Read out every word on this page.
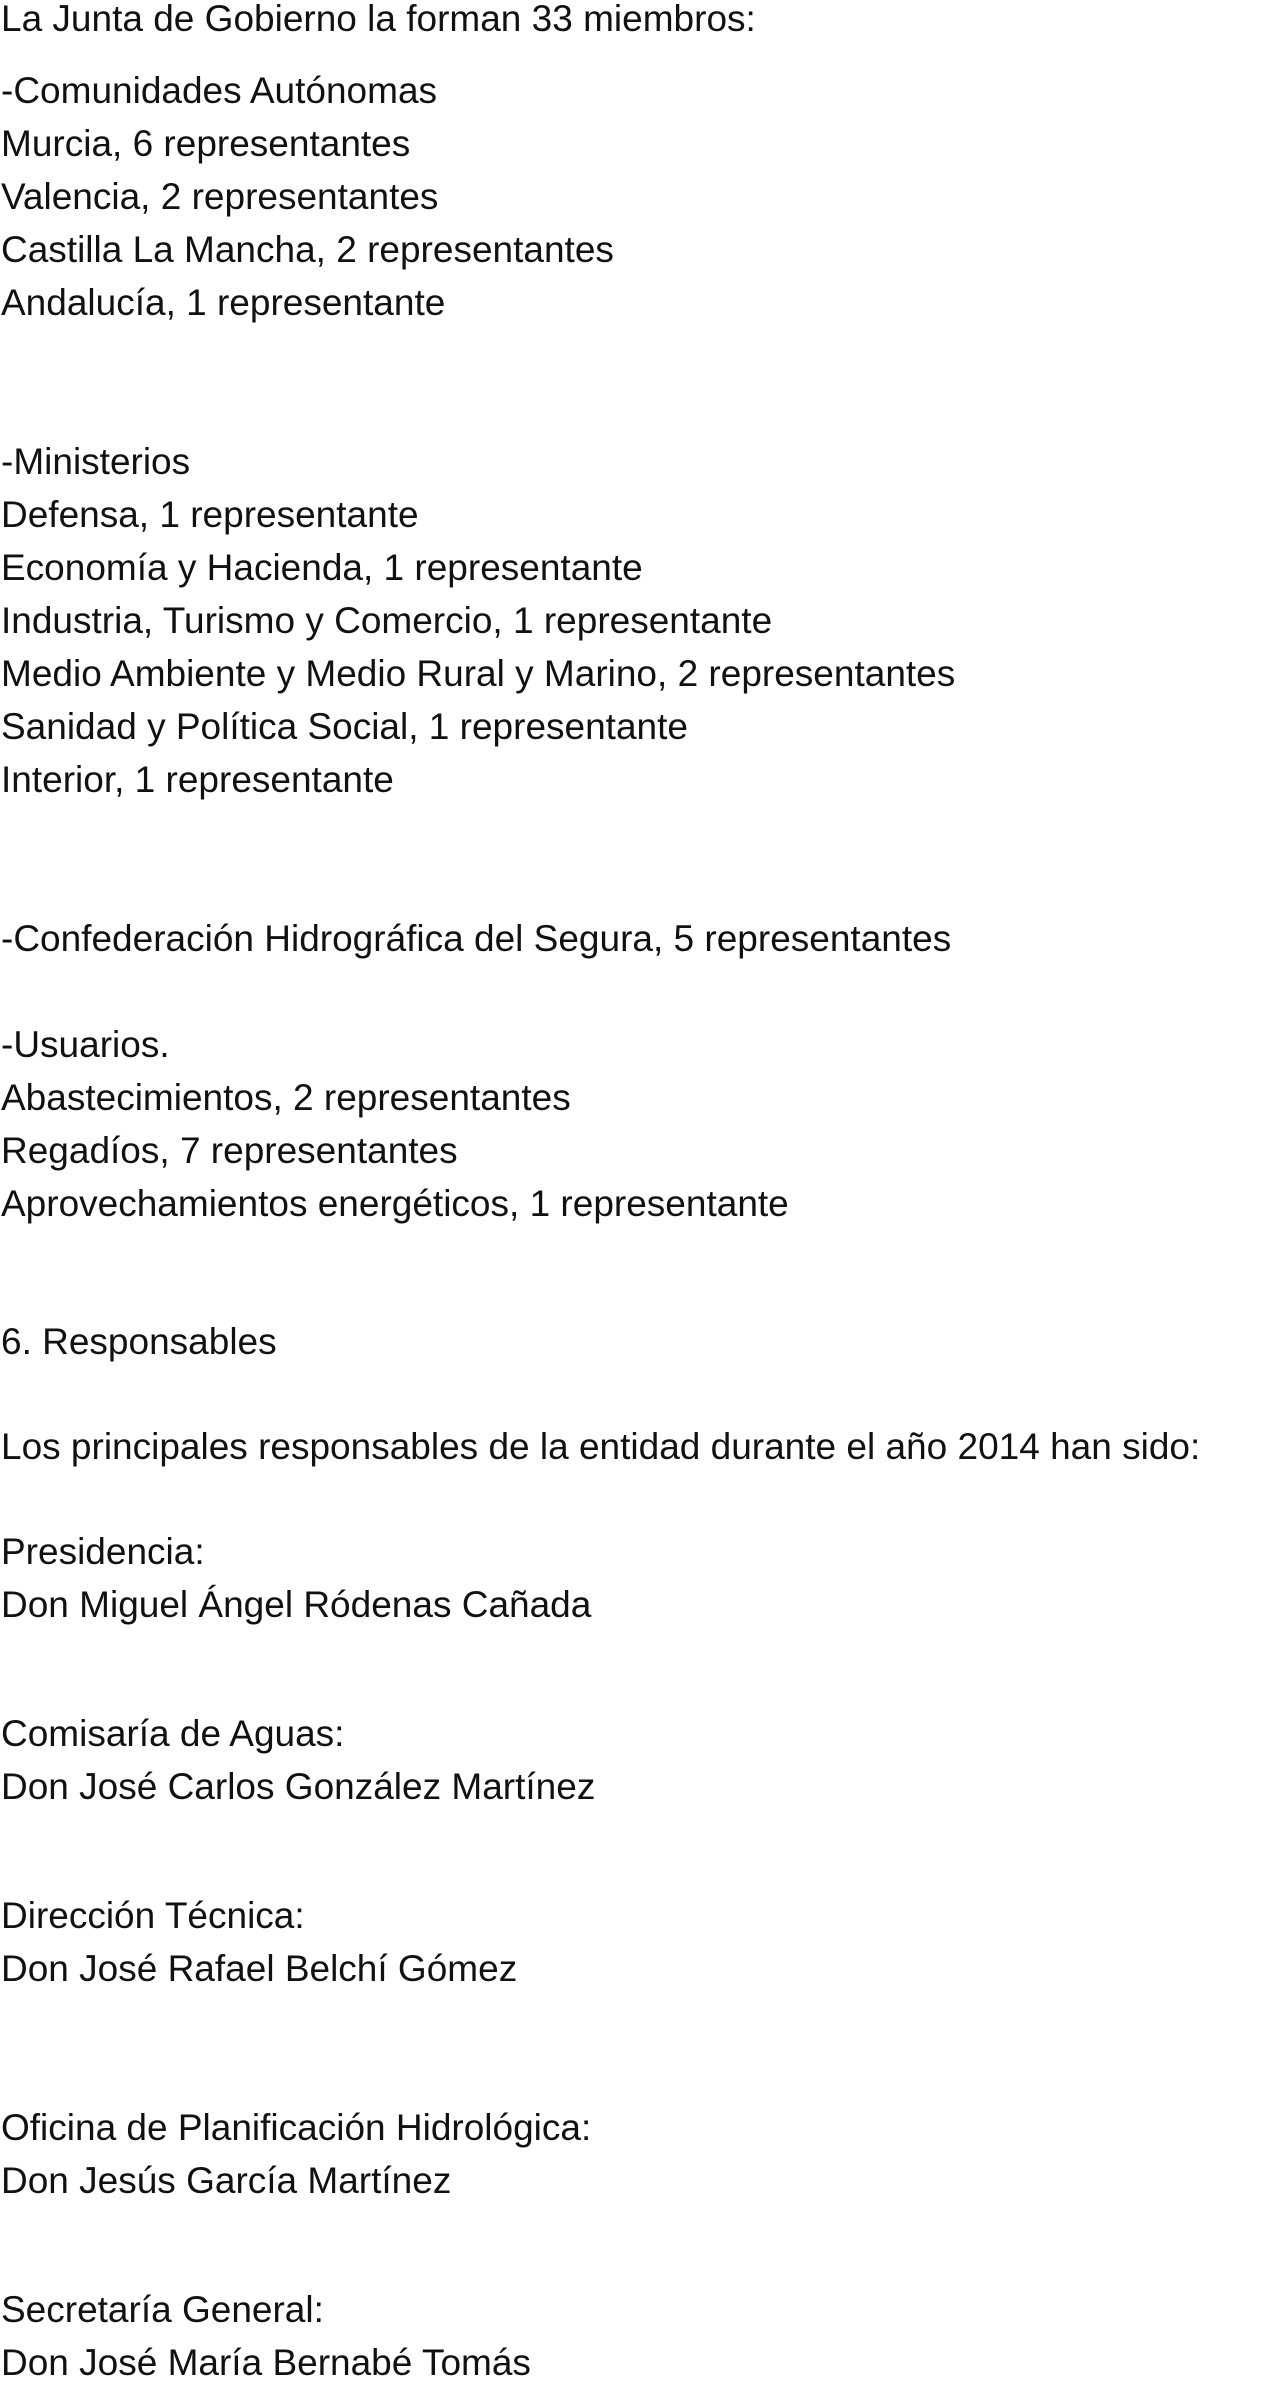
La Junta de Gobierno la forman 33 miembros:
-Comunidades Autónomas
Murcia, 6 representantes
Valencia, 2 representantes
Castilla La Mancha, 2 representantes
Andalucía, 1 representante
-Ministerios
Defensa, 1 representante
Economía y Hacienda, 1 representante
Industria, Turismo y Comercio, 1 representante
Medio Ambiente y Medio Rural y Marino, 2 representantes
Sanidad y Política Social, 1 representante
Interior, 1 representante
-Confederación Hidrográfica del Segura, 5 representantes
-Usuarios.
Abastecimientos, 2 representantes
Regadíos, 7 representantes
Aprovechamientos energéticos, 1 representante
6. Responsables
Los principales responsables de la entidad durante el año 2014 han sido:
Presidencia:
Don Miguel Ángel Ródenas Cañada
Comisaría de Aguas:
Don José Carlos González Martínez
Dirección Técnica:
Don José Rafael Belchí Gómez
Oficina de Planificación Hidrológica:
Don Jesús García Martínez
Secretaría General:
Don José María Bernabé Tomás
